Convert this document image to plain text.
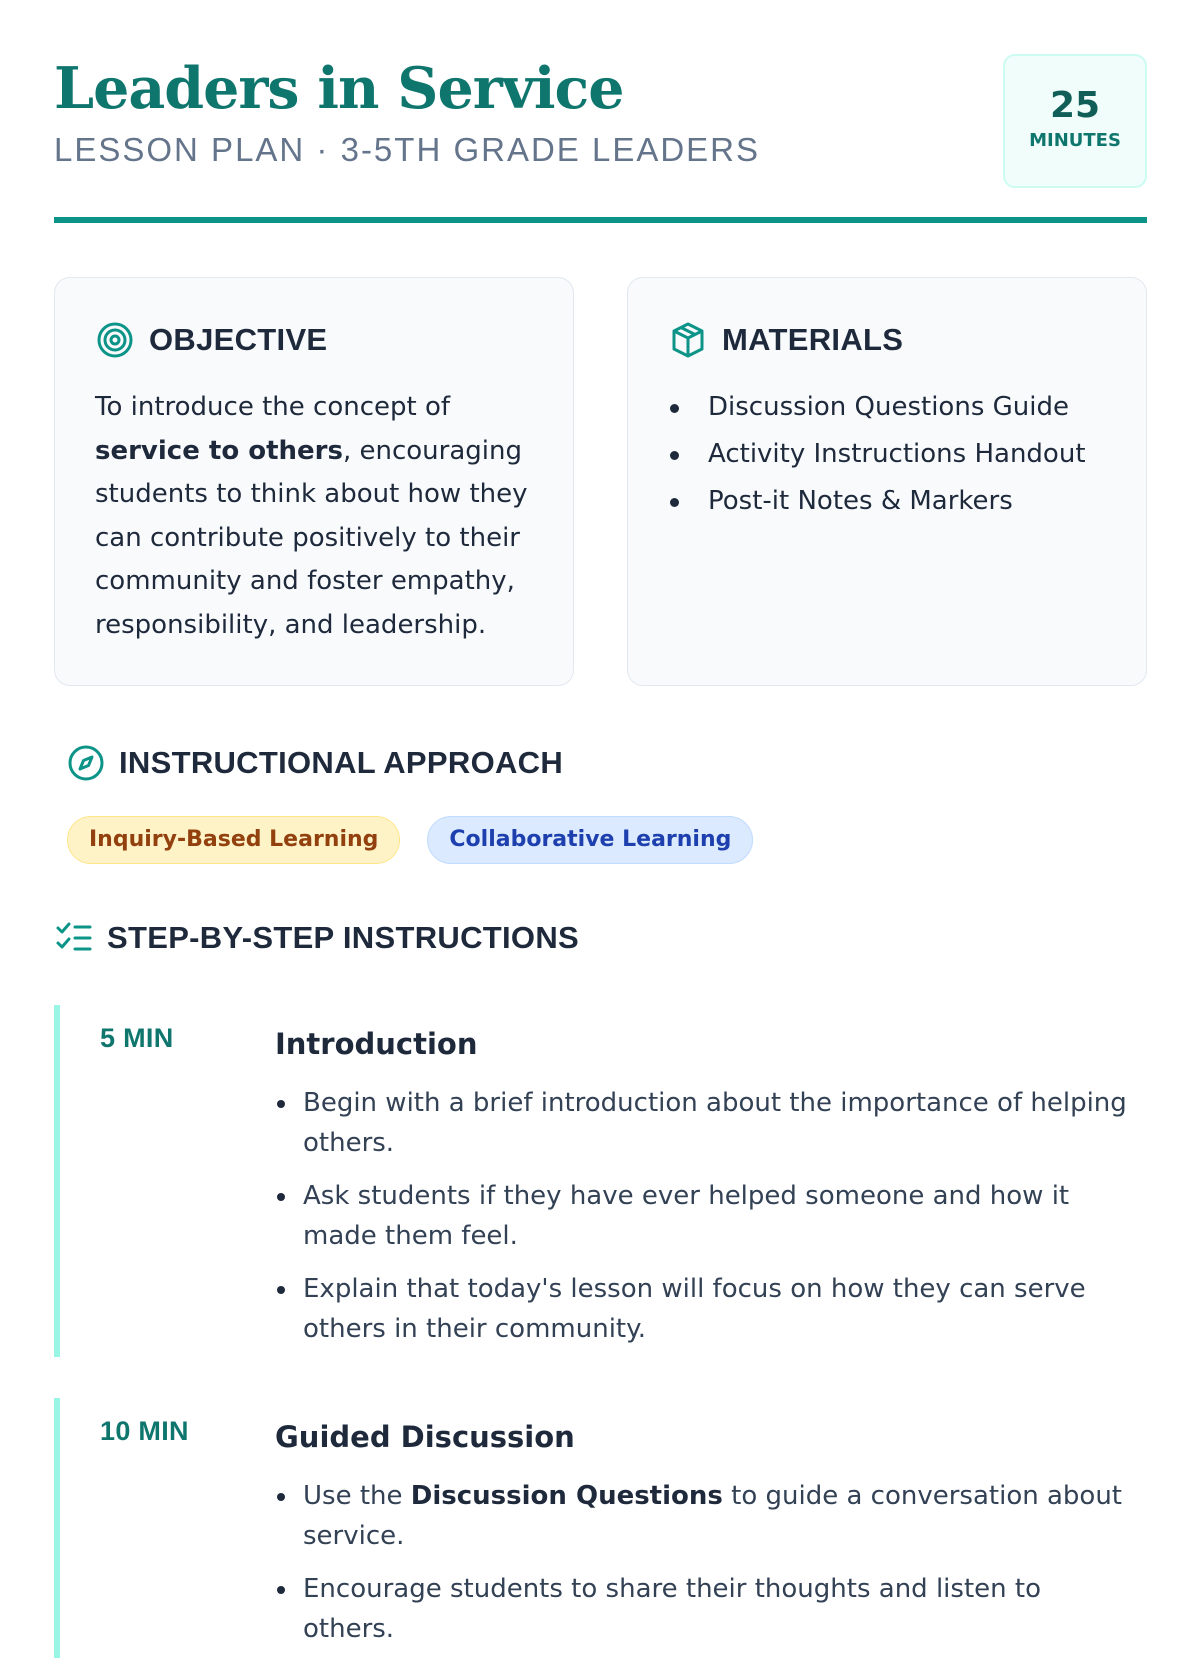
Leaders in Service
LESSON PLAN · 3-5TH GRADE LEADERS
25
MINUTES
OBJECTIVE
To introduce the concept of service to others, encouraging students to think about how they can contribute positively to their community and foster empathy, responsibility, and leadership.
MATERIALS
Discussion Questions Guide
Activity Instructions Handout
Post-it Notes & Markers
INSTRUCTIONAL APPROACH
Inquiry-Based Learning	Collaborative Learning
STEP-BY-STEP INSTRUCTIONS
5 MIN	Introduction
Begin with a brief introduction about the importance of helping others.
Ask students if they have ever helped someone and how it made them feel.
Explain that today's lesson will focus on how they can serve others in their community.
10 MIN	Guided Discussion
Use the Discussion Questions to guide a conversation about service.
Encourage students to share their thoughts and listen to others.
